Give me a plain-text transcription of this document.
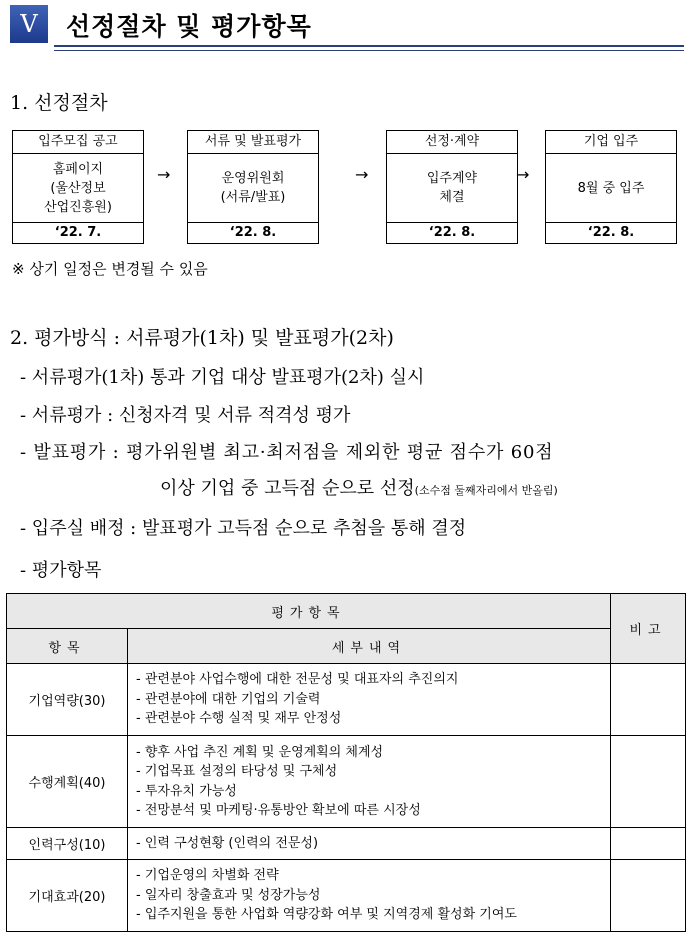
Ⅴ	선정절차 및 평가항목
1. 선정절차
입주모집 공고
홈페이지
(울산정보
산업진흥원)
‘22. 7.
→
서류 및 발표평가
운영위원회
(서류/발표)
‘22. 8.
→
선정·계약
입주계약
체결
‘22. 8.
→
기업 입주
8월 중 입주
‘22. 8.
※ 상기 일정은 변경될 수 있음
2. 평가방식 : 서류평가(1차) 및 발표평가(2차)
- 서류평가(1차) 통과 기업 대상 발표평가(2차) 실시
- 서류평가 : 신청자격 및 서류 적격성 평가
- 발표평가 : 평가위원별 최고·최저점을 제외한 평균 점수가 60점
이상 기업 중 고득점 순으로 선정(소수점 둘째자리에서 반올림)
- 입주실 배정 : 발표평가 고득점 순으로 추첨을 통해 결정
- 평가항목
평가항목		비고
항목	세부내역	
기업역량(30)	- 관련분야 사업수행에 대한 전문성 및 대표자의 추진의지
- 관련분야에 대한 기업의 기술력
- 관련분야 수행 실적 및 재무 안정성	

수행계획(40)	- 향후 사업 추진 계획 및 운영계획의 체계성
- 기업목표 설정의 타당성 및 구체성
- 투자유치 가능성
- 전망분석 및 마케팅·유통방안 확보에 따른 시장성	

인력구성(10)	- 인력 구성현황 (인력의 전문성)	

기대효과(20)	- 기업운영의 차별화 전략
- 일자리 창출효과 및 성장가능성
- 입주지원을 통한 사업화 역량강화 여부 및 지역경제 활성화 기여도	
